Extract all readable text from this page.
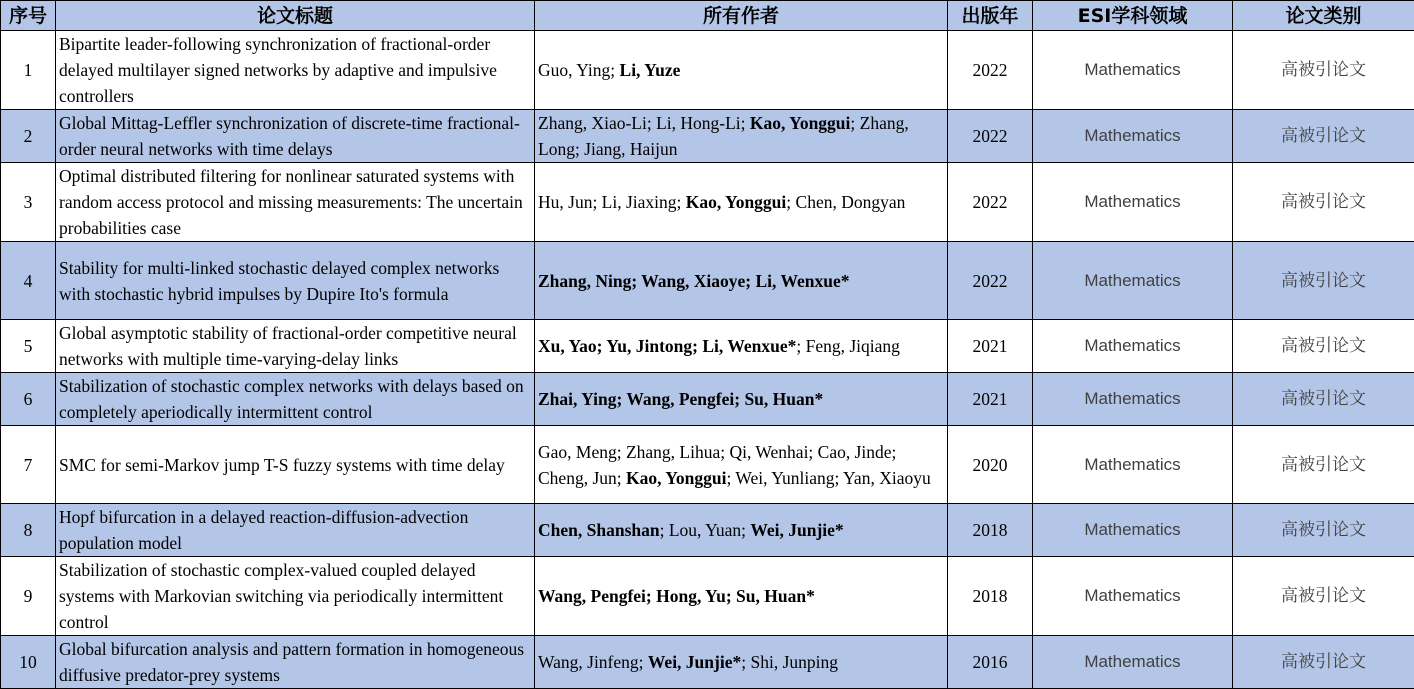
序号	论文标题	所有作者	出版年	ESI学科领域	论文类别
1	Bipartite leader-following synchronization of fractional-order delayed multilayer signed networks by adaptive and impulsive controllers	Guo, Ying; Li, Yuze	2022	Mathematics	高被引论文
2	Global Mittag-Leffler synchronization of discrete-time fractional-order neural networks with time delays	Zhang, Xiao-Li; Li, Hong-Li; Kao, Yonggui; Zhang, Long; Jiang, Haijun	2022	Mathematics	高被引论文
3	Optimal distributed filtering for nonlinear saturated systems with random access protocol and missing measurements: The uncertain probabilities case	Hu, Jun; Li, Jiaxing; Kao, Yonggui; Chen, Dongyan	2022	Mathematics	高被引论文
4	Stability for multi-linked stochastic delayed complex networks with stochastic hybrid impulses by Dupire Ito's formula	Zhang, Ning; Wang, Xiaoye; Li, Wenxue*	2022	Mathematics	高被引论文
5	Global asymptotic stability of fractional-order competitive neural networks with multiple time-varying-delay links	Xu, Yao; Yu, Jintong; Li, Wenxue*; Feng, Jiqiang	2021	Mathematics	高被引论文
6	Stabilization of stochastic complex networks with delays based on completely aperiodically intermittent control	Zhai, Ying; Wang, Pengfei; Su, Huan*	2021	Mathematics	高被引论文
7	SMC for semi-Markov jump T-S fuzzy systems with time delay	Gao, Meng; Zhang, Lihua; Qi, Wenhai; Cao, Jinde; Cheng, Jun; Kao, Yonggui; Wei, Yunliang; Yan, Xiaoyu	2020	Mathematics	高被引论文
8	Hopf bifurcation in a delayed reaction-diffusion-advection population model	Chen, Shanshan; Lou, Yuan; Wei, Junjie*	2018	Mathematics	高被引论文
9	Stabilization of stochastic complex-valued coupled delayed systems with Markovian switching via periodically intermittent control	Wang, Pengfei; Hong, Yu; Su, Huan*	2018	Mathematics	高被引论文
10	Global bifurcation analysis and pattern formation in homogeneous diffusive predator-prey systems	Wang, Jinfeng; Wei, Junjie*; Shi, Junping	2016	Mathematics	高被引论文
